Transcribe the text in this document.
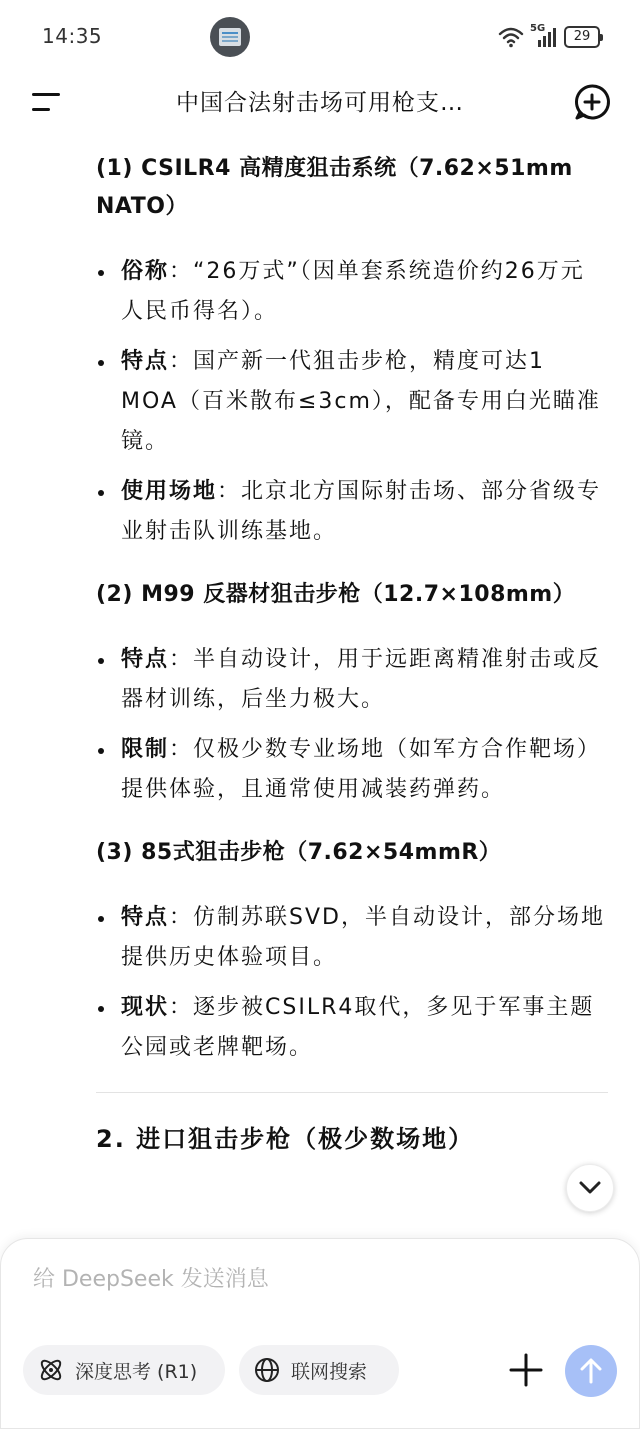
14:35	5G
29
中国合法射击场可用枪支…
(1) CSILR4 高精度狙击系统（7.62×51mm NATO）
俗称：“26万式”（因单套系统造价约26万元人民币得名）。
特点：国产新一代狙击步枪，精度可达1 MOA（百米散布≤3cm），配备专用白光瞄准镜。
使用场地：北京北方国际射击场、部分省级专业射击队训练基地。
(2) M99 反器材狙击步枪（12.7×108mm）
特点：半自动设计，用于远距离精准射击或反器材训练，后坐力极大。
限制：仅极少数专业场地（如军方合作靶场）提供体验，且通常使用减装药弹药。
(3) 85式狙击步枪（7.62×54mmR）
特点：仿制苏联SVD，半自动设计，部分场地提供历史体验项目。
现状：逐步被CSILR4取代，多见于军事主题公园或老牌靶场。
2. 进口狙击步枪（极少数场地）
给 DeepSeek 发送消息
深度思考 (R1)	联网搜索
